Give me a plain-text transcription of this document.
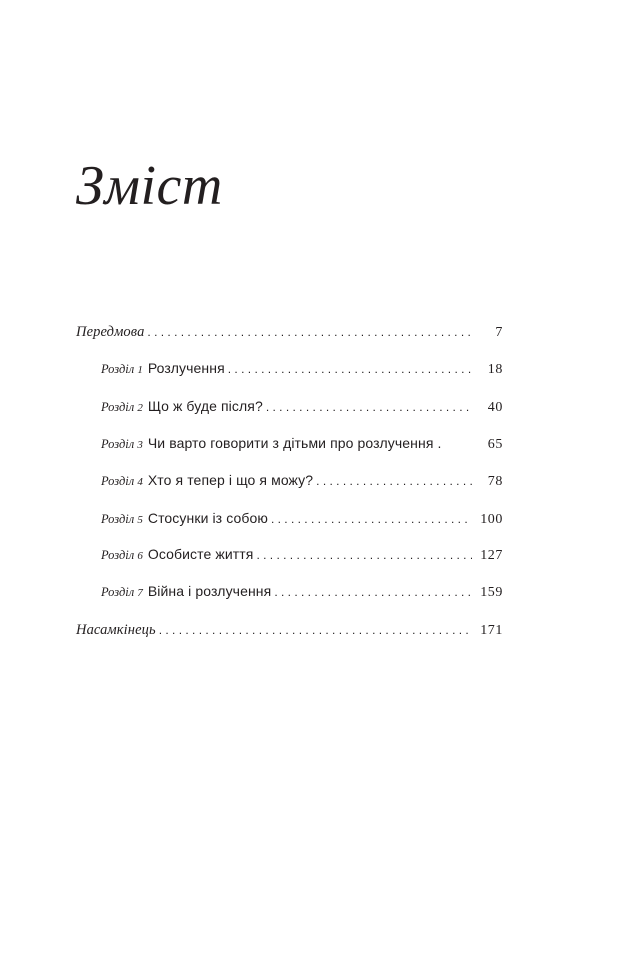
Зміст
Передмова . . .	7
Розділ 1 Розлучення . . .	18
Розділ 2 Що ж буде після? . . .	40
Розділ 3 Чи варто говорити з дітьми про розлучення .	65
Розділ 4 Хто я тепер і що я можу? . . .	78
Розділ 5 Стосунки із собою . . .	100
Розділ 6 Особисте життя . . .	127
Розділ 7 Війна і розлучення . . .	159
Насамкінець . . .	171
